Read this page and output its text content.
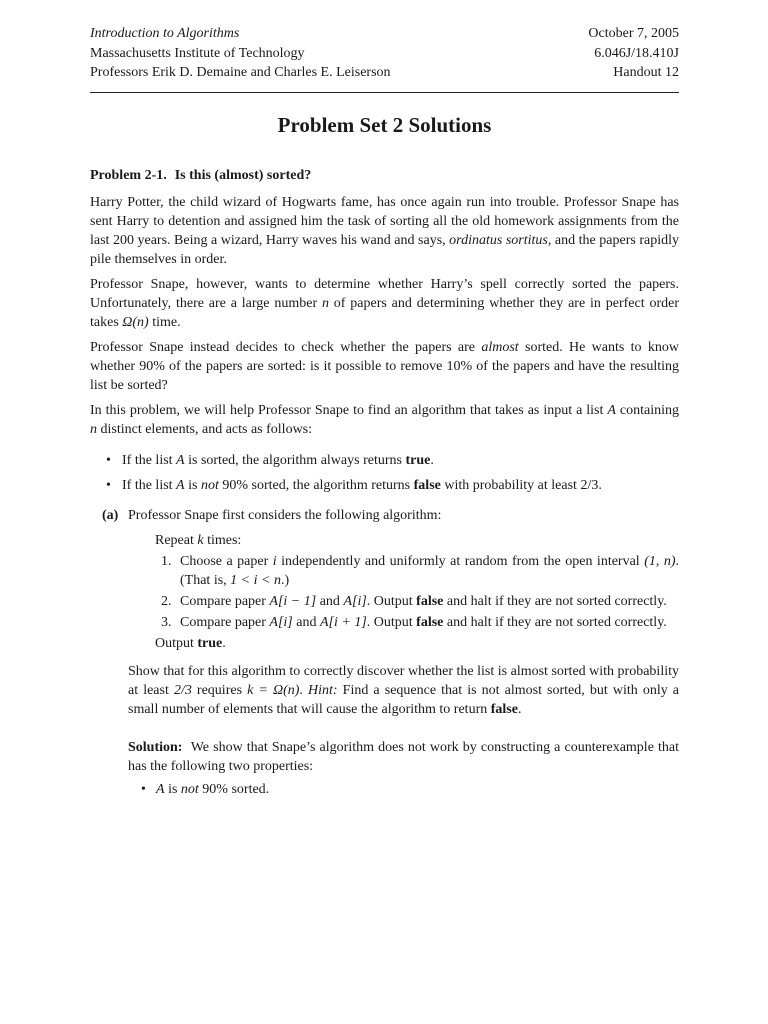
Introduction to Algorithms
Massachusetts Institute of Technology
Professors Erik D. Demaine and Charles E. Leiserson
October 7, 2005
6.046J/18.410J
Handout 12
Problem Set 2 Solutions
Problem 2-1. Is this (almost) sorted?

Harry Potter, the child wizard of Hogwarts fame, has once again run into trouble. Professor Snape has sent Harry to detention and assigned him the task of sorting all the old homework assignments from the last 200 years. Being a wizard, Harry waves his wand and says, ordinatus sortitus, and the papers rapidly pile themselves in order.

Professor Snape, however, wants to determine whether Harry’s spell correctly sorted the papers. Unfortunately, there are a large number n of papers and determining whether they are in perfect order takes Ω(n) time.

Professor Snape instead decides to check whether the papers are almost sorted. He wants to know whether 90% of the papers are sorted: is it possible to remove 10% of the papers and have the resulting list be sorted?

In this problem, we will help Professor Snape to find an algorithm that takes as input a list A containing n distinct elements, and acts as follows:

• If the list A is sorted, the algorithm always returns true.
• If the list A is not 90% sorted, the algorithm returns false with probability at least 2/3.
(a) Professor Snape first considers the following algorithm:

Repeat k times:

1. Choose a paper i independently and uniformly at random from the open interval (1, n). (That is, 1 < i < n.)
2. Compare paper A[i − 1] and A[i]. Output false and halt if they are not sorted correctly.
3. Compare paper A[i] and A[i + 1]. Output false and halt if they are not sorted correctly.

Output true.

Show that for this algorithm to correctly discover whether the list is almost sorted with probability at least 2/3 requires k = Ω(n). Hint: Find a sequence that is not almost sorted, but with only a small number of elements that will cause the algorithm to return false.

Solution: We show that Snape’s algorithm does not work by constructing a counterexample that has the following two properties:

• A is not 90% sorted.
